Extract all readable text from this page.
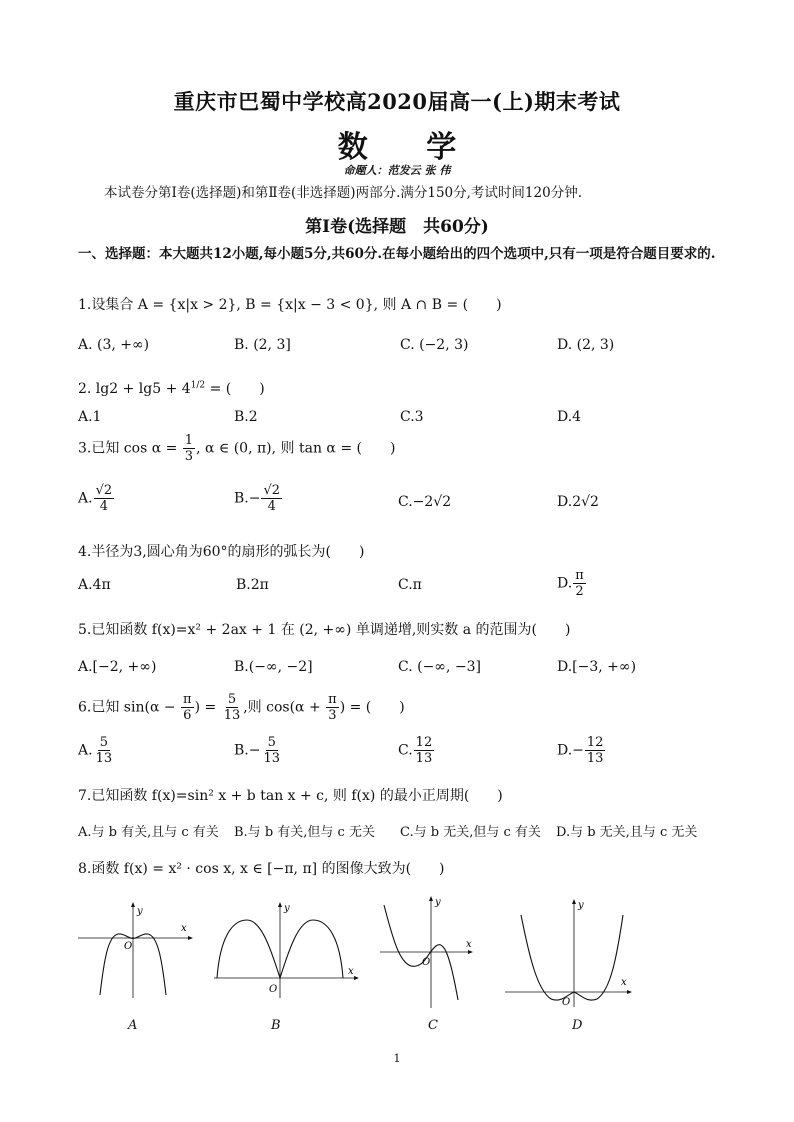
重庆市巴蜀中学校高2020届高一(上)期末考试
数 学
命题人：范发云 张 伟
本试卷分第Ⅰ卷(选择题)和第Ⅱ卷(非选择题)两部分.满分150分,考试时间120分钟.
第Ⅰ卷(选择题　共60分)
一、选择题：本大题共12小题,每小题5分,共60分.在每小题给出的四个选项中,只有一项是符合题目要求的.
1.设集合 A = {x|x > 2}, B = {x|x − 3 < 0}, 则 A ∩ B = (　　)
A. (3, +∞)	B. (2, 3]	C. (−2, 3)	D. (2, 3)
2. $\lg 2 + \lg 5 + 4^{1/2}$ = (　　)
A.1	B.2	C.3	D.4
3.已知 $\cos \alpha = \frac{1}{3}$ , α ∈ (0, π), 则 tan α = (　　)
A. $\frac{√2}{4}$	$B.- \frac{√2}{4}$	C.−2√2	D.2√2
4.半径为3,圆心角为60°的扇形的弧长为(　　)
A.4π	B.2π	C.π	D. $\frac{\pi}{2}$
5.已知函数 f(x)=x² + 2ax + 1 在 (2, +∞) 单调递增,则实数 a 的范围为(　　)
A.[−2, +∞)	B.(−∞, −2]	C. (−∞, −3]	D.[−3, +∞)
6.已知 $\sin(\alpha - \frac{\pi}{6}$ ) = $\frac{5}{13}$ ,则 $\cos(\alpha + \frac{\pi}{3}$ ) = (　　)
A. $\frac{5}{13}$	$B.- \frac{5}{13}$	C. $\frac{12}{13}$	$D.- \frac{12}{13}$
7.已知函数 f(x)=sin² x + b tan x + c, 则 f(x) 的最小正周期(　　)
A.与 b 有关,且与 c 有关 B.与 b 有关,但与 c 无关 C.与 b 无关,但与 c 有关 D.与 b 无关,且与 c 无关
8.函数 f(x) = x² · cos x, x ∈ [−π, π] 的图像大致为(　　)
x
y
O
A
x
y
O
B
x
y
O
C
x
y
O
D
1
